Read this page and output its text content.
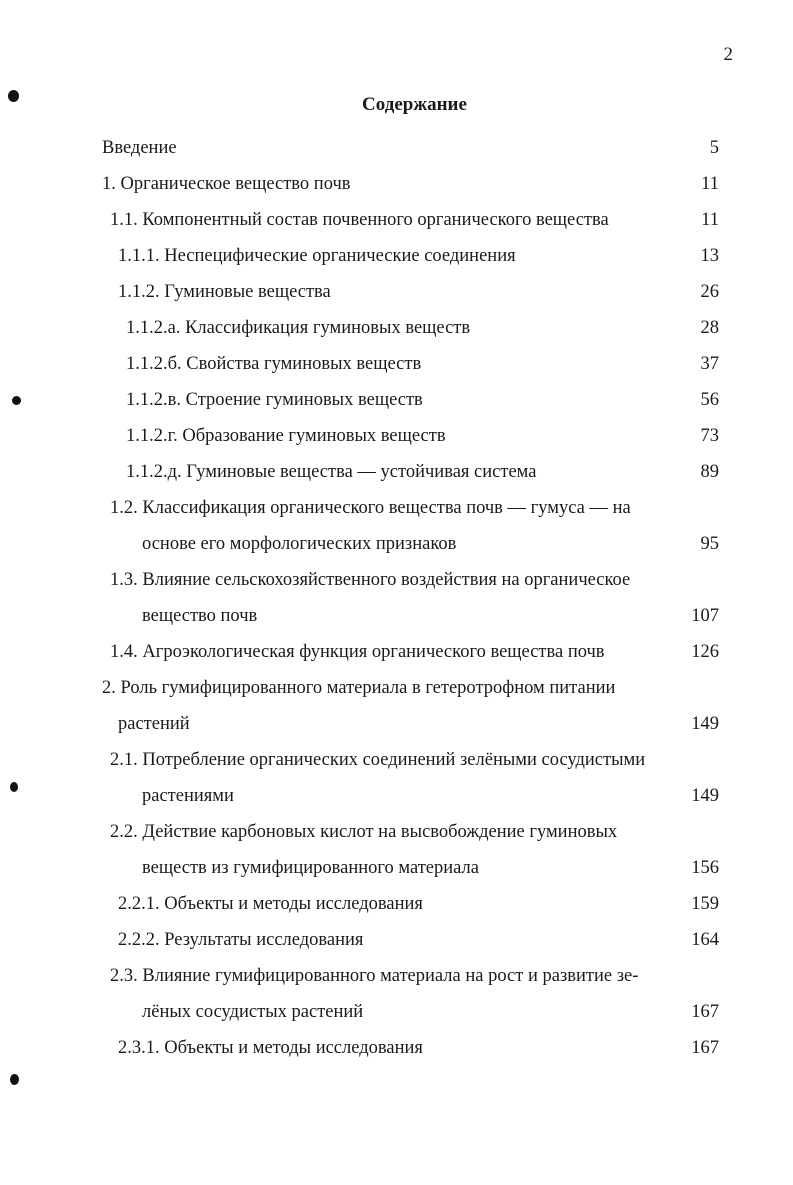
2
Содержание
Введение	5
1. Органическое вещество почв	11
1.1. Компонентный состав почвенного органического вещества	11
1.1.1. Неспецифические органические соединения	13
1.1.2. Гуминовые вещества	26
1.1.2.а. Классификация гуминовых веществ	28
1.1.2.б. Свойства гуминовых веществ	37
1.1.2.в. Строение гуминовых веществ	56
1.1.2.г. Образование гуминовых веществ	73
1.1.2.д. Гуминовые вещества — устойчивая система	89
1.2. Классификация органического вещества почв — гумуса — на
основе его морфологических признаков	95
1.3. Влияние сельскохозяйственного воздействия на органическое
вещество почв	107
1.4. Агроэкологическая функция органического вещества почв	126
2. Роль гумифицированного материала в гетеротрофном питании
растений	149
2.1. Потребление органических соединений зелёными сосудистыми
растениями	149
2.2. Действие карбоновых кислот на высвобождение гуминовых
веществ из гумифицированного материала	156
2.2.1. Объекты и методы исследования	159
2.2.2. Результаты исследования	164
2.3. Влияние гумифицированного материала на рост и развитие зе-
лёных сосудистых растений	167
2.3.1. Объекты и методы исследования	167
